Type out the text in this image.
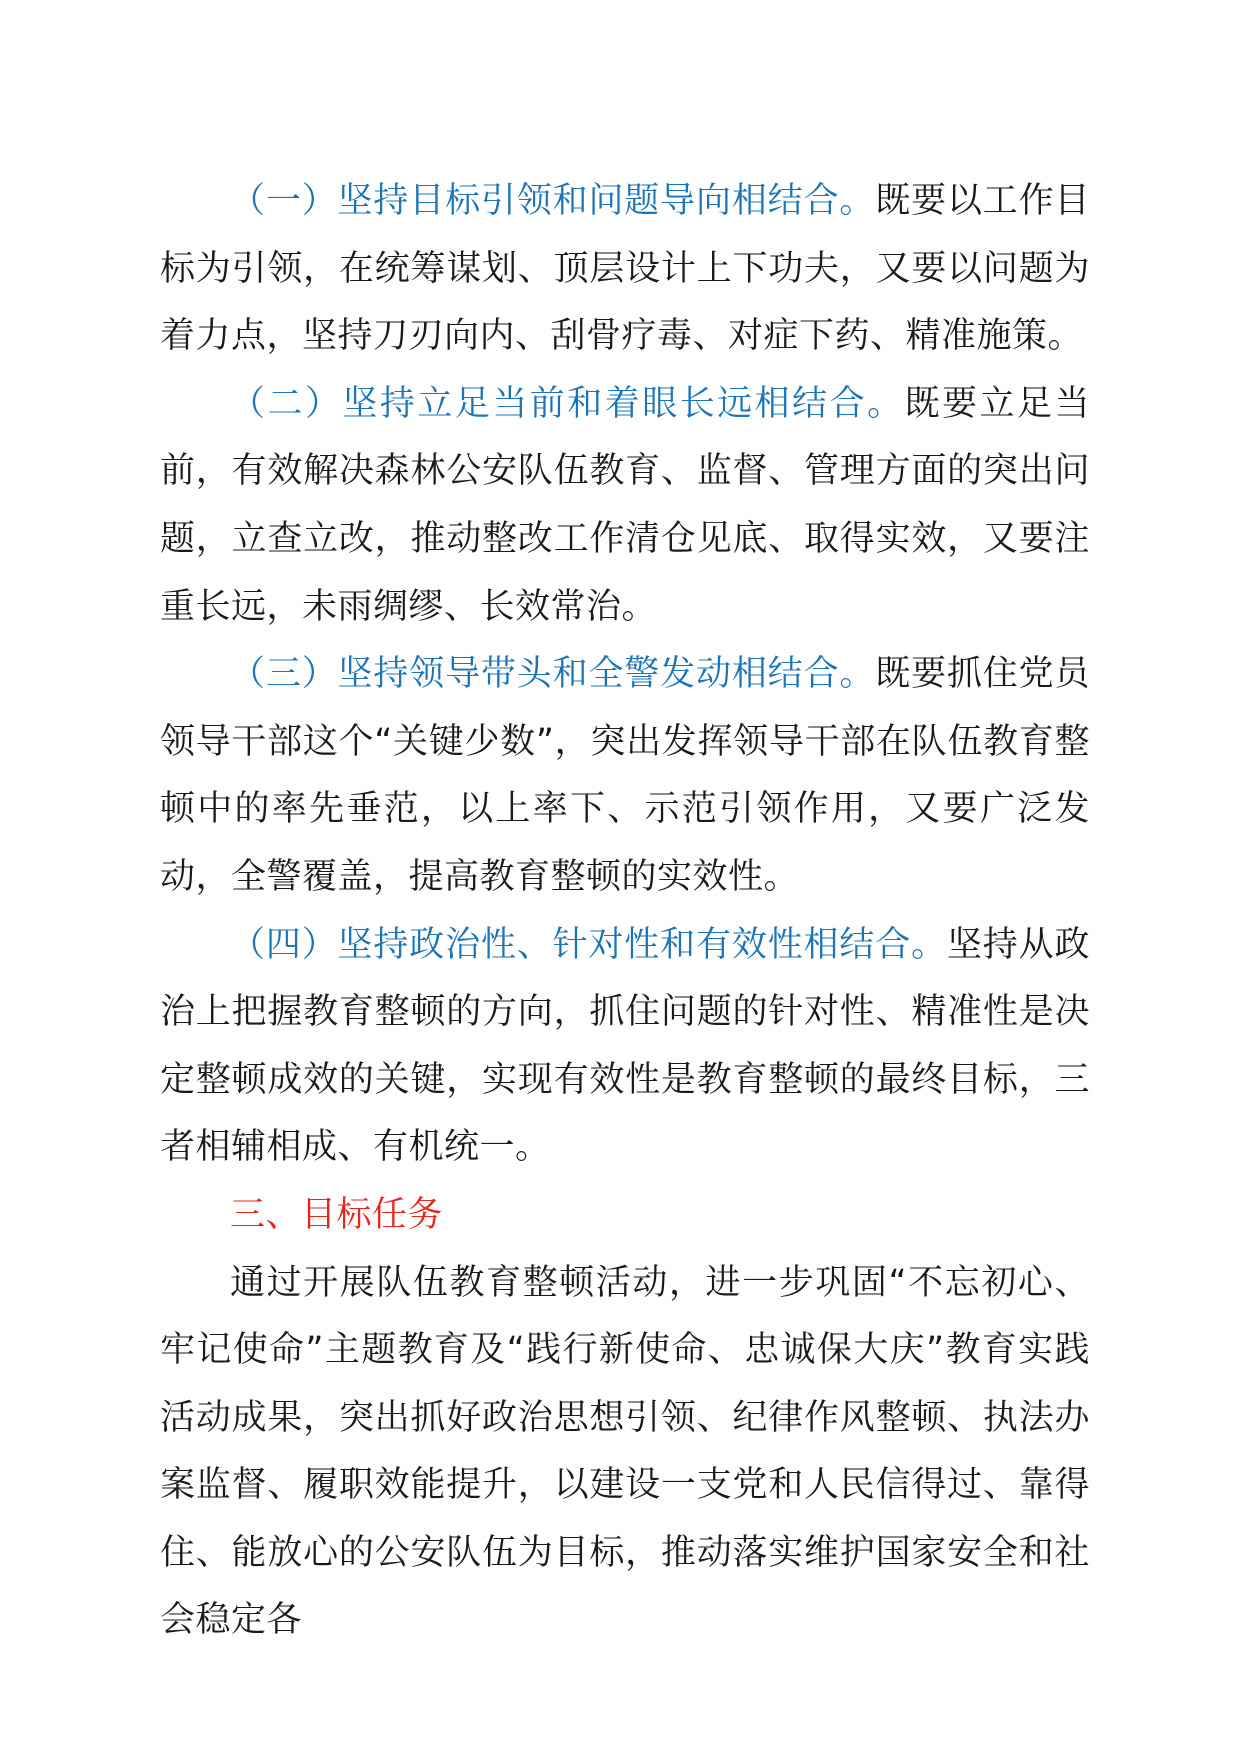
（一）坚持目标引领和问题导向相结合。既要以工作目标为引领，在统筹谋划、顶层设计上下功夫，又要以问题为着力点，坚持刀刃向内、刮骨疗毒、对症下药、精准施策。

（二）坚持立足当前和着眼长远相结合。既要立足当前，有效解决森林公安队伍教育、监督、管理方面的突出问题，立查立改，推动整改工作清仓见底、取得实效，又要注重长远，未雨绸缪、长效常治。

（三）坚持领导带头和全警发动相结合。既要抓住党员领导干部这个“关键少数”，突出发挥领导干部在队伍教育整顿中的率先垂范，以上率下、示范引领作用，又要广泛发动，全警覆盖，提高教育整顿的实效性。

（四）坚持政治性、针对性和有效性相结合。坚持从政治上把握教育整顿的方向，抓住问题的针对性、精准性是决定整顿成效的关键，实现有效性是教育整顿的最终目标，三者相辅相成、有机统一。

三、目标任务

通过开展队伍教育整顿活动，进一步巩固“不忘初心、牢记使命”主题教育及“践行新使命、忠诚保大庆”教育实践活动成果，突出抓好政治思想引领、纪律作风整顿、执法办案监督、履职效能提升，以建设一支党和人民信得过、靠得住、能放心的公安队伍为目标，推动落实维护国家安全和社会稳定各
